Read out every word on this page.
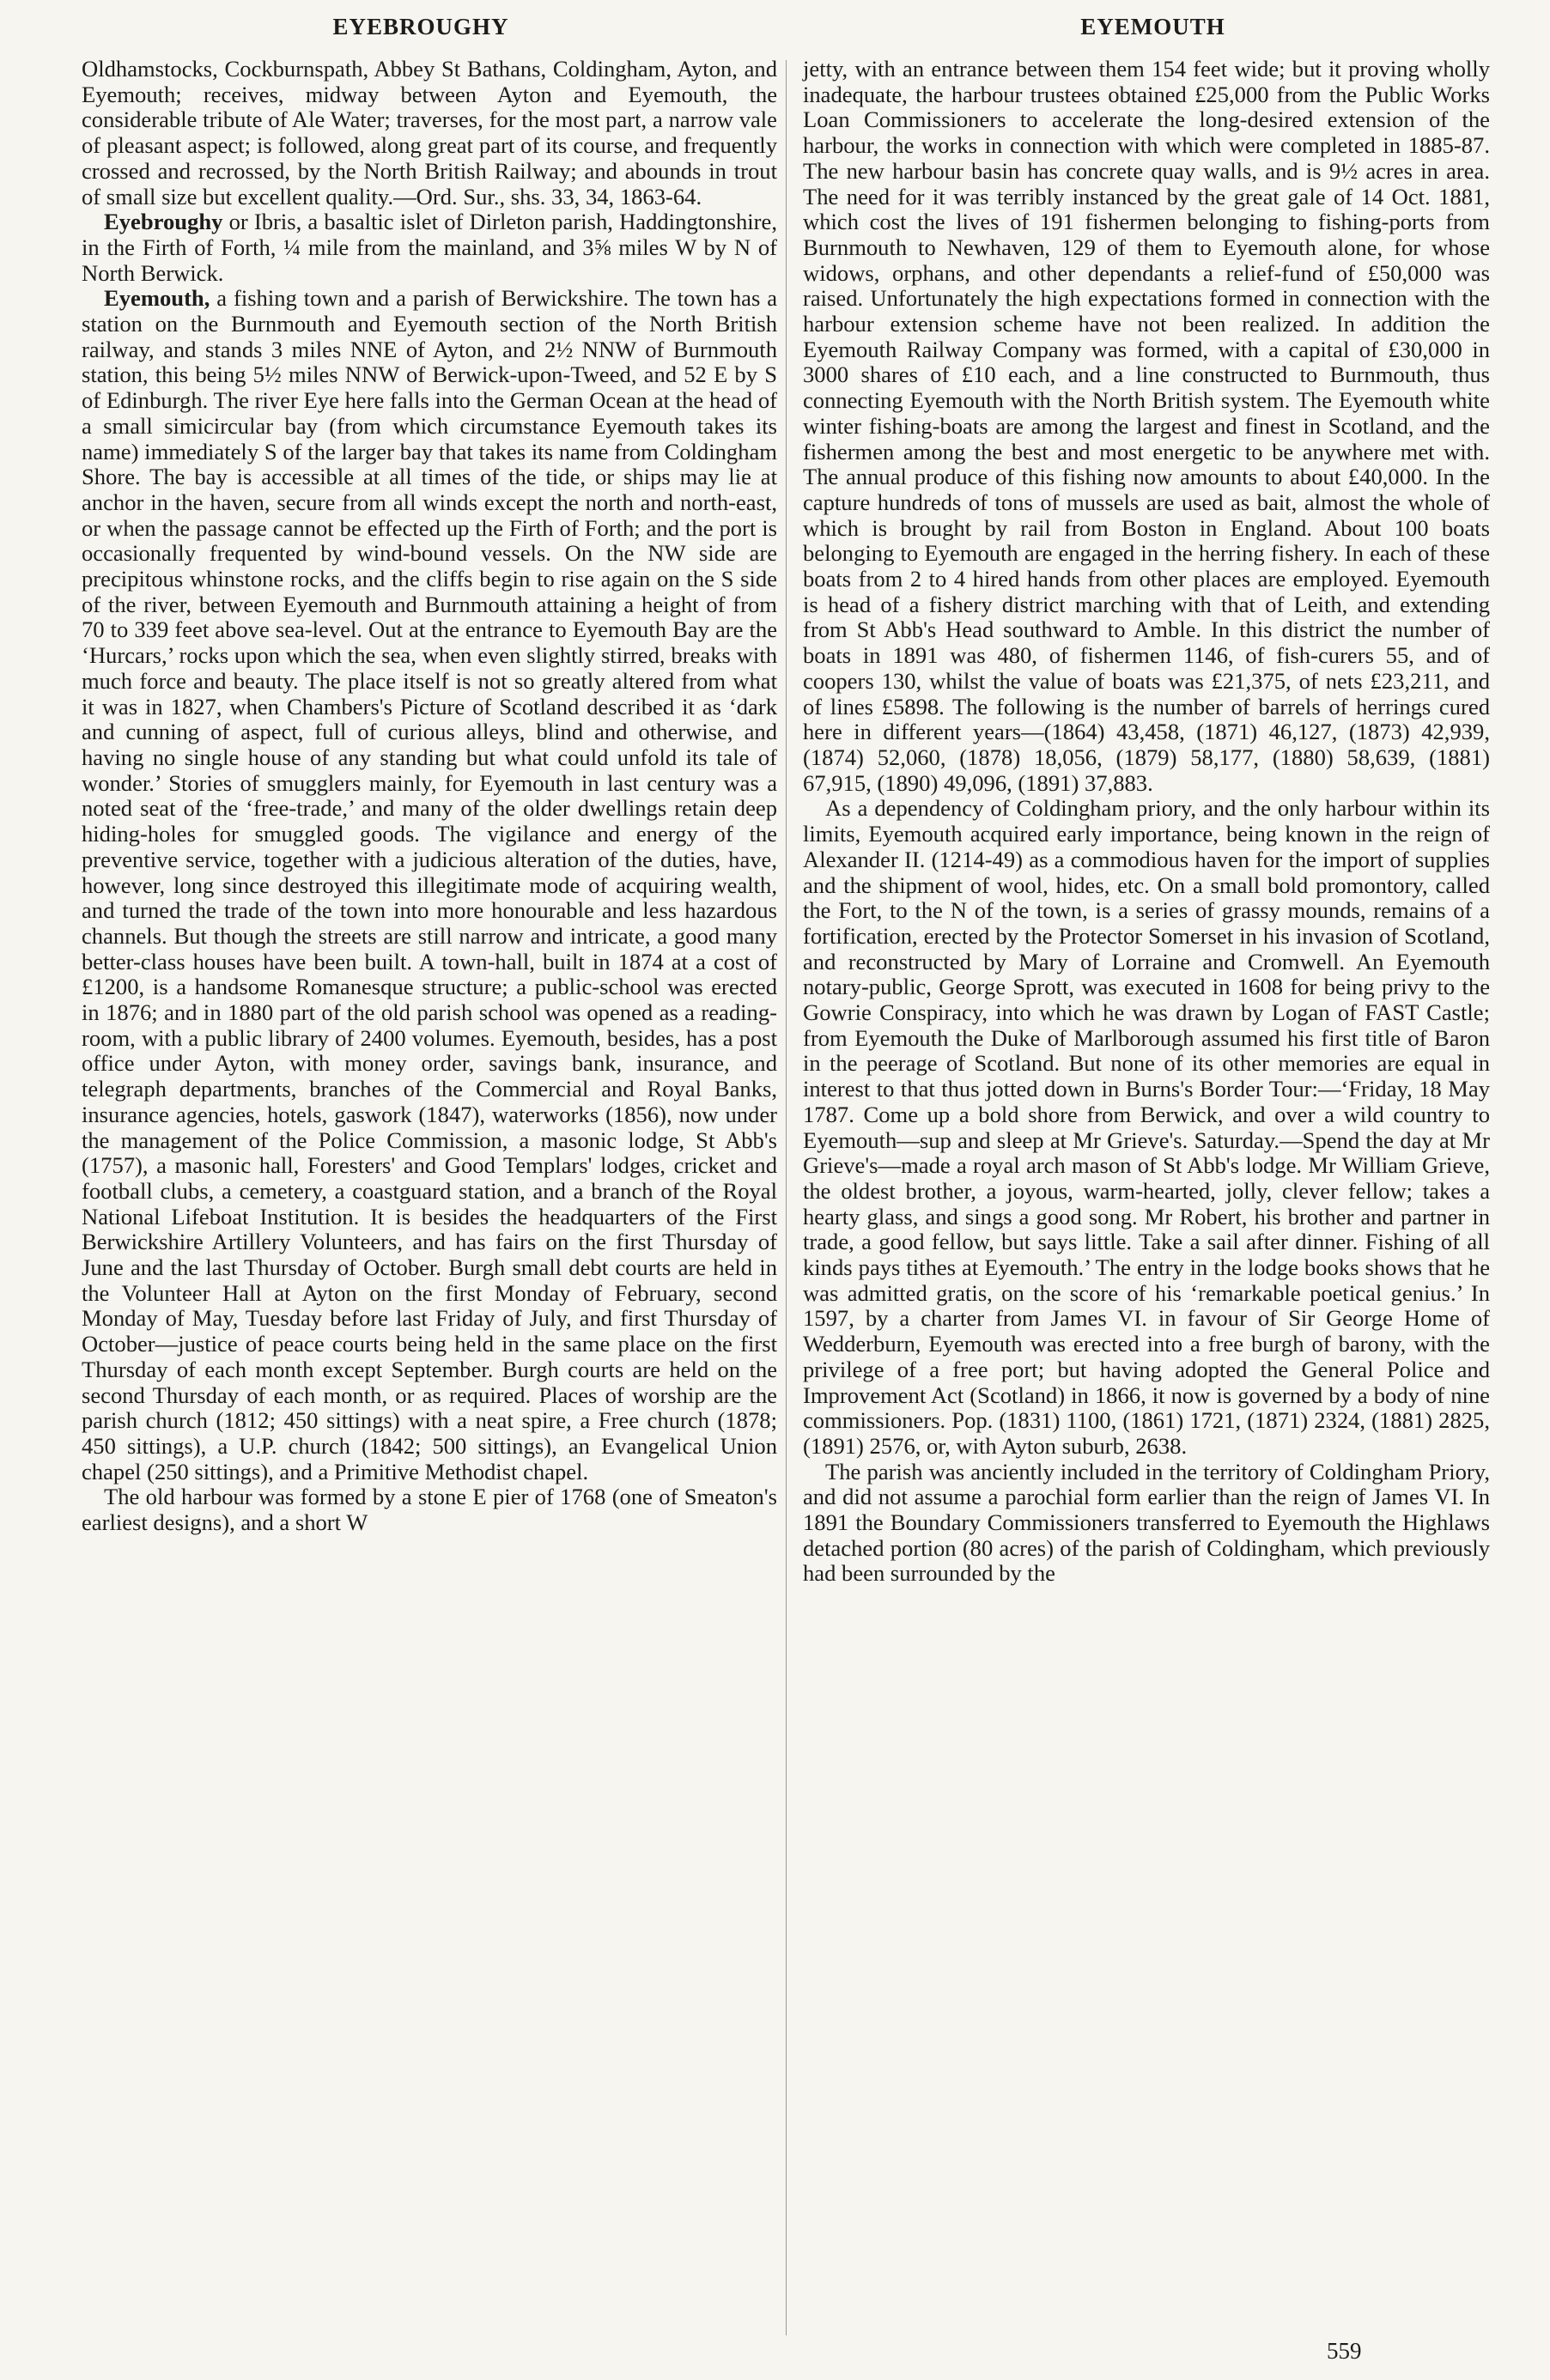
EYEBROUGHY	EYEMOUTH

Oldhamstocks, Cockburnspath, Abbey St Bathans, Coldingham, Ayton, and Eyemouth; receives, midway between Ayton and Eyemouth, the considerable tribute of Ale Water; traverses, for the most part, a narrow vale of pleasant aspect; is followed, along great part of its course, and frequently crossed and recrossed, by the North British Railway; and abounds in trout of small size but excellent quality.—Ord. Sur., shs. 33, 34, 1863-64.

Eyebroughy or Ibris, a basaltic islet of Dirleton parish, Haddingtonshire, in the Firth of Forth, ¼ mile from the mainland, and 3⅝ miles W by N of North Berwick.

Eyemouth, a fishing town and a parish of Berwickshire. The town has a station on the Burnmouth and Eyemouth section of the North British railway, and stands 3 miles NNE of Ayton, and 2½ NNW of Burnmouth station, this being 5½ miles NNW of Berwick-upon-Tweed, and 52 E by S of Edinburgh. The river Eye here falls into the German Ocean at the head of a small simicircular bay (from which circumstance Eyemouth takes its name) immediately S of the larger bay that takes its name from Coldingham Shore. The bay is accessible at all times of the tide, or ships may lie at anchor in the haven, secure from all winds except the north and north-east, or when the passage cannot be effected up the Firth of Forth; and the port is occasionally frequented by wind-bound vessels. On the NW side are precipitous whinstone rocks, and the cliffs begin to rise again on the S side of the river, between Eyemouth and Burnmouth attaining a height of from 70 to 339 feet above sea-level. Out at the entrance to Eyemouth Bay are the ‘Hurcars,’ rocks upon which the sea, when even slightly stirred, breaks with much force and beauty. The place itself is not so greatly altered from what it was in 1827, when Chambers's Picture of Scotland described it as ‘dark and cunning of aspect, full of curious alleys, blind and otherwise, and having no single house of any standing but what could unfold its tale of wonder.’ Stories of smugglers mainly, for Eyemouth in last century was a noted seat of the ‘free-trade,’ and many of the older dwellings retain deep hiding-holes for smuggled goods. The vigilance and energy of the preventive service, together with a judicious alteration of the duties, have, however, long since destroyed this illegitimate mode of acquiring wealth, and turned the trade of the town into more honourable and less hazardous channels. But though the streets are still narrow and intricate, a good many better-class houses have been built. A town-hall, built in 1874 at a cost of £1200, is a handsome Romanesque structure; a public-school was erected in 1876; and in 1880 part of the old parish school was opened as a reading-room, with a public library of 2400 volumes. Eyemouth, besides, has a post office under Ayton, with money order, savings bank, insurance, and telegraph departments, branches of the Commercial and Royal Banks, insurance agencies, hotels, gaswork (1847), waterworks (1856), now under the management of the Police Commission, a masonic lodge, St Abb's (1757), a masonic hall, Foresters' and Good Templars' lodges, cricket and football clubs, a cemetery, a coastguard station, and a branch of the Royal National Lifeboat Institution. It is besides the headquarters of the First Berwickshire Artillery Volunteers, and has fairs on the first Thursday of June and the last Thursday of October. Burgh small debt courts are held in the Volunteer Hall at Ayton on the first Monday of February, second Monday of May, Tuesday before last Friday of July, and first Thursday of October—justice of peace courts being held in the same place on the first Thursday of each month except September. Burgh courts are held on the second Thursday of each month, or as required. Places of worship are the parish church (1812; 450 sittings) with a neat spire, a Free church (1878; 450 sittings), a U.P. church (1842; 500 sittings), an Evangelical Union chapel (250 sittings), and a Primitive Methodist chapel.

The old harbour was formed by a stone E pier of 1768 (one of Smeaton's earliest designs), and a short W

jetty, with an entrance between them 154 feet wide; but it proving wholly inadequate, the harbour trustees obtained £25,000 from the Public Works Loan Commissioners to accelerate the long-desired extension of the harbour, the works in connection with which were completed in 1885-87. The new harbour basin has concrete quay walls, and is 9½ acres in area. The need for it was terribly instanced by the great gale of 14 Oct. 1881, which cost the lives of 191 fishermen belonging to fishing-ports from Burnmouth to Newhaven, 129 of them to Eyemouth alone, for whose widows, orphans, and other dependants a relief-fund of £50,000 was raised. Unfortunately the high expectations formed in connection with the harbour extension scheme have not been realized. In addition the Eyemouth Railway Company was formed, with a capital of £30,000 in 3000 shares of £10 each, and a line constructed to Burnmouth, thus connecting Eyemouth with the North British system. The Eyemouth white winter fishing-boats are among the largest and finest in Scotland, and the fishermen among the best and most energetic to be anywhere met with. The annual produce of this fishing now amounts to about £40,000. In the capture hundreds of tons of mussels are used as bait, almost the whole of which is brought by rail from Boston in England. About 100 boats belonging to Eyemouth are engaged in the herring fishery. In each of these boats from 2 to 4 hired hands from other places are employed. Eyemouth is head of a fishery district marching with that of Leith, and extending from St Abb's Head southward to Amble. In this district the number of boats in 1891 was 480, of fishermen 1146, of fish-curers 55, and of coopers 130, whilst the value of boats was £21,375, of nets £23,211, and of lines £5898. The following is the number of barrels of herrings cured here in different years—(1864) 43,458, (1871) 46,127, (1873) 42,939, (1874) 52,060, (1878) 18,056, (1879) 58,177, (1880) 58,639, (1881) 67,915, (1890) 49,096, (1891) 37,883.

As a dependency of Coldingham priory, and the only harbour within its limits, Eyemouth acquired early importance, being known in the reign of Alexander II. (1214-49) as a commodious haven for the import of supplies and the shipment of wool, hides, etc. On a small bold promontory, called the Fort, to the N of the town, is a series of grassy mounds, remains of a fortification, erected by the Protector Somerset in his invasion of Scotland, and reconstructed by Mary of Lorraine and Cromwell. An Eyemouth notary-public, George Sprott, was executed in 1608 for being privy to the Gowrie Conspiracy, into which he was drawn by Logan of FAST Castle; from Eyemouth the Duke of Marlborough assumed his first title of Baron in the peerage of Scotland. But none of its other memories are equal in interest to that thus jotted down in Burns's Border Tour:—‘Friday, 18 May 1787. Come up a bold shore from Berwick, and over a wild country to Eyemouth—sup and sleep at Mr Grieve's. Saturday.—Spend the day at Mr Grieve's—made a royal arch mason of St Abb's lodge. Mr William Grieve, the oldest brother, a joyous, warm-hearted, jolly, clever fellow; takes a hearty glass, and sings a good song. Mr Robert, his brother and partner in trade, a good fellow, but says little. Take a sail after dinner. Fishing of all kinds pays tithes at Eyemouth.’ The entry in the lodge books shows that he was admitted gratis, on the score of his ‘remarkable poetical genius.’ In 1597, by a charter from James VI. in favour of Sir George Home of Wedderburn, Eyemouth was erected into a free burgh of barony, with the privilege of a free port; but having adopted the General Police and Improvement Act (Scotland) in 1866, it now is governed by a body of nine commissioners. Pop. (1831) 1100, (1861) 1721, (1871) 2324, (1881) 2825, (1891) 2576, or, with Ayton suburb, 2638.

The parish was anciently included in the territory of Coldingham Priory, and did not assume a parochial form earlier than the reign of James VI. In 1891 the Boundary Commissioners transferred to Eyemouth the Highlaws detached portion (80 acres) of the parish of Coldingham, which previously had been surrounded by the

559
